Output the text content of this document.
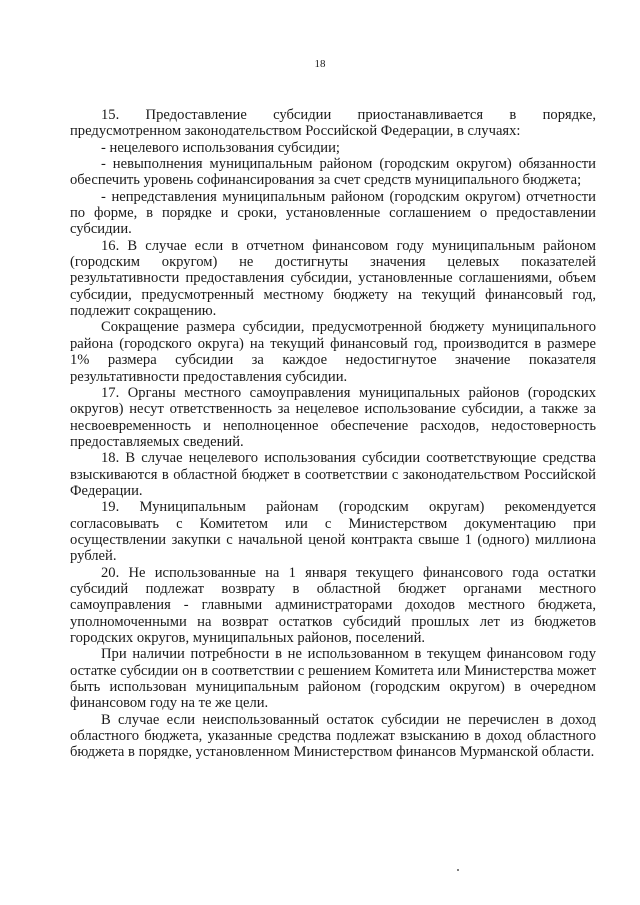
18

15. Предоставление субсидии приостанавливается в порядке, предусмотренном законодательством Российской Федерации, в случаях:

- нецелевого использования субсидии;

- невыполнения муниципальным районом (городским округом) обязанности обеспечить уровень софинансирования за счет средств муниципального бюджета;

- непредставления муниципальным районом (городским округом) отчетности по форме, в порядке и сроки, установленные соглашением о предоставлении субсидии.

16. В случае если в отчетном финансовом году муниципальным районом (городским округом) не достигнуты значения целевых показателей результативности предоставления субсидии, установленные соглашениями, объем субсидии, предусмотренный местному бюджету на текущий финансовый год, подлежит сокращению.

Сокращение размера субсидии, предусмотренной бюджету муниципального района (городского округа) на текущий финансовый год, производится в размере 1% размера субсидии за каждое недостигнутое значение показателя результативности предоставления субсидии.

17. Органы местного самоуправления муниципальных районов (городских округов) несут ответственность за нецелевое использование субсидии, а также за несвоевременность и неполноценное обеспечение расходов, недостоверность предоставляемых сведений.

18. В случае нецелевого использования субсидии соответствующие средства взыскиваются в областной бюджет в соответствии с законодательством Российской Федерации.

19. Муниципальным районам (городским округам) рекомендуется согласовывать с Комитетом или с Министерством документацию при осуществлении закупки с начальной ценой контракта свыше 1 (одного) миллиона рублей.

20. Не использованные на 1 января текущего финансового года остатки субсидий подлежат возврату в областной бюджет органами местного самоуправления - главными администраторами доходов местного бюджета, уполномоченными на возврат остатков субсидий прошлых лет из бюджетов городских округов, муниципальных районов, поселений.

При наличии потребности в не использованном в текущем финансовом году остатке субсидии он в соответствии с решением Комитета или Министерства может быть использован муниципальным районом (городским округом) в очередном финансовом году на те же цели.

В случае если неиспользованный остаток субсидии не перечислен в доход областного бюджета, указанные средства подлежат взысканию в доход областного бюджета в порядке, установленном Министерством финансов Мурманской области.
